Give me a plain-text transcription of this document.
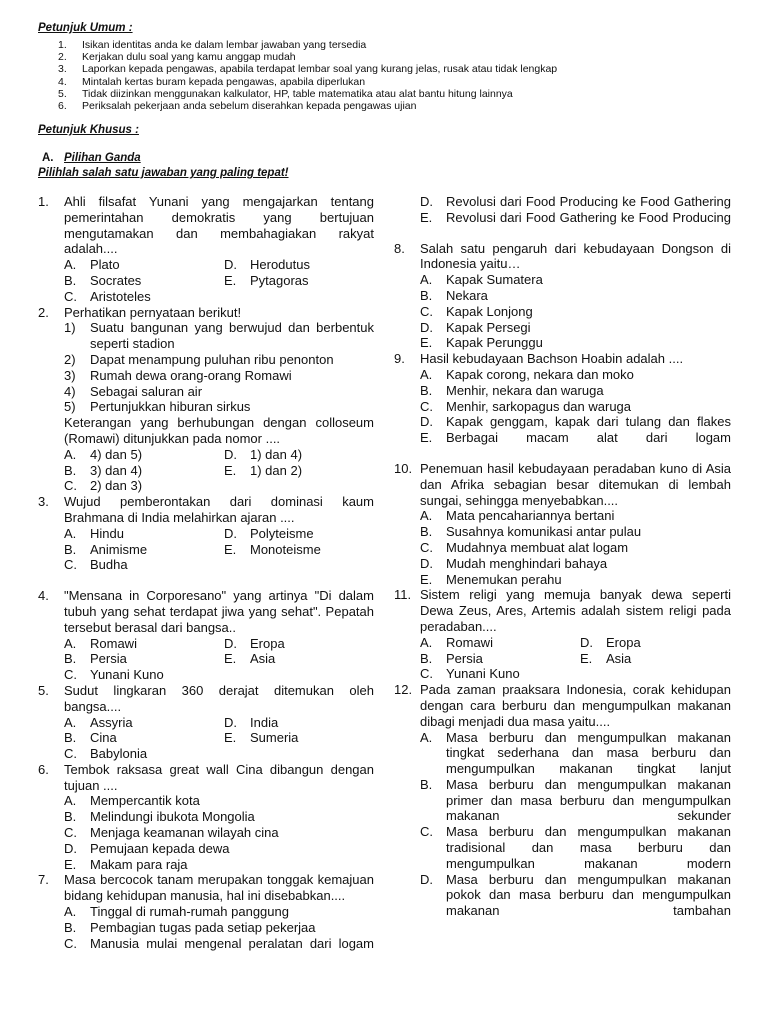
Petunjuk Umum :
1.	Isikan identitas anda ke dalam lembar jawaban yang tersedia
2.	Kerjakan dulu soal yang kamu anggap mudah
3.	Laporkan kepada pengawas, apabila terdapat lembar soal yang kurang jelas, rusak atau tidak lengkap
4.	Mintalah kertas buram kepada pengawas, apabila diperlukan
5.	Tidak diizinkan menggunakan kalkulator, HP, table matematika atau alat bantu hitung lainnya
6.	Periksalah pekerjaan anda sebelum diserahkan kepada pengawas ujian
Petunjuk Khusus :
A. Pilihan Ganda
Pilihlah salah satu jawaban yang paling tepat!
1.	Ahli filsafat Yunani yang mengajarkan tentang pemerintahan demokratis yang bertujuan mengutamakan dan membahagiakan rakyat adalah....
A.	Plato	D.	Herodutus
B.	Socrates	E.	Pytagoras
C.	Aristoteles
2.	Perhatikan pernyataan berikut!
1)	Suatu bangunan yang berwujud dan berbentuk seperti stadion
2)	Dapat menampung puluhan ribu penonton
3)	Rumah dewa orang-orang Romawi
4)	Sebagai saluran air
5)	Pertunjukkan hiburan sirkus
Keterangan yang berhubungan dengan colloseum (Romawi) ditunjukkan pada nomor ....
A.	4) dan 5)	D.	1) dan 4)
B.	3) dan 4)	E.	1) dan 2)
C.	2) dan 3)
3.	Wujud pemberontakan dari dominasi kaum Brahmana di India melahirkan ajaran ....
A.	Hindu	D.	Polyteisme
B.	Animisme	E.	Monoteisme
C.	Budha
4.	"Mensana in Corporesano" yang artinya "Di dalam tubuh yang sehat terdapat jiwa yang sehat". Pepatah tersebut berasal dari bangsa..
A.	Romawi	D.	Eropa
B.	Persia	E.	Asia
C.	Yunani Kuno
5.	Sudut lingkaran 360 derajat ditemukan oleh bangsa....
A.	Assyria	D.	India
B.	Cina	E.	Sumeria
C.	Babylonia
6.	Tembok raksasa great wall Cina dibangun dengan tujuan ....
A.	Mempercantik kota
B.	Melindungi ibukota Mongolia
C.	Menjaga keamanan wilayah cina
D.	Pemujaan kepada dewa
E.	Makam para raja
7.	Masa bercocok tanam merupakan tonggak kemajuan bidang kehidupan manusia, hal ini disebabkan....
A.	Tinggal di rumah-rumah panggung
B.	Pembagian tugas pada setiap pekerjaa
C.	Manusia mulai mengenal peralatan dari logam
D.	Revolusi dari Food Producing ke Food Gathering
E.	Revolusi dari Food Gathering ke Food Producing
8.	Salah satu pengaruh dari kebudayaan Dongson di Indonesia yaitu…
A.	Kapak Sumatera
B.	Nekara
C.	Kapak Lonjong
D.	Kapak Persegi
E.	Kapak Perunggu
9.	Hasil kebudayaan Bachson Hoabin adalah ....
A.	Kapak corong, nekara dan moko
B.	Menhir, nekara dan waruga
C.	Menhir, sarkopagus dan waruga
D.	Kapak genggam, kapak dari tulang dan flakes
E.	Berbagai macam alat dari logam
10. Penemuan hasil kebudayaan peradaban kuno di Asia dan Afrika sebagian besar ditemukan di lembah sungai, sehingga menyebabkan....
A.	Mata pencahariannya bertani
B.	Susahnya komunikasi antar pulau
C.	Mudahnya membuat alat logam
D.	Mudah menghindari bahaya
E.	Menemukan perahu
11. Sistem religi yang memuja banyak dewa seperti Dewa Zeus, Ares, Artemis adalah sistem religi pada peradaban....
A.	Romawi	D.	Eropa
B.	Persia	E.	Asia
C.	Yunani Kuno
12. Pada zaman praaksara Indonesia, corak kehidupan dengan cara berburu dan mengumpulkan makanan dibagi menjadi dua masa yaitu....
A.	Masa berburu dan mengumpulkan makanan tingkat sederhana dan masa berburu dan mengumpulkan makanan tingkat lanjut
B.	Masa berburu dan mengumpulkan makanan primer dan masa berburu dan mengumpulkan makanan sekunder
C.	Masa berburu dan mengumpulkan makanan tradisional dan masa berburu dan mengumpulkan makanan modern
D.	Masa berburu dan mengumpulkan makanan pokok dan masa berburu dan mengumpulkan makanan tambahan
